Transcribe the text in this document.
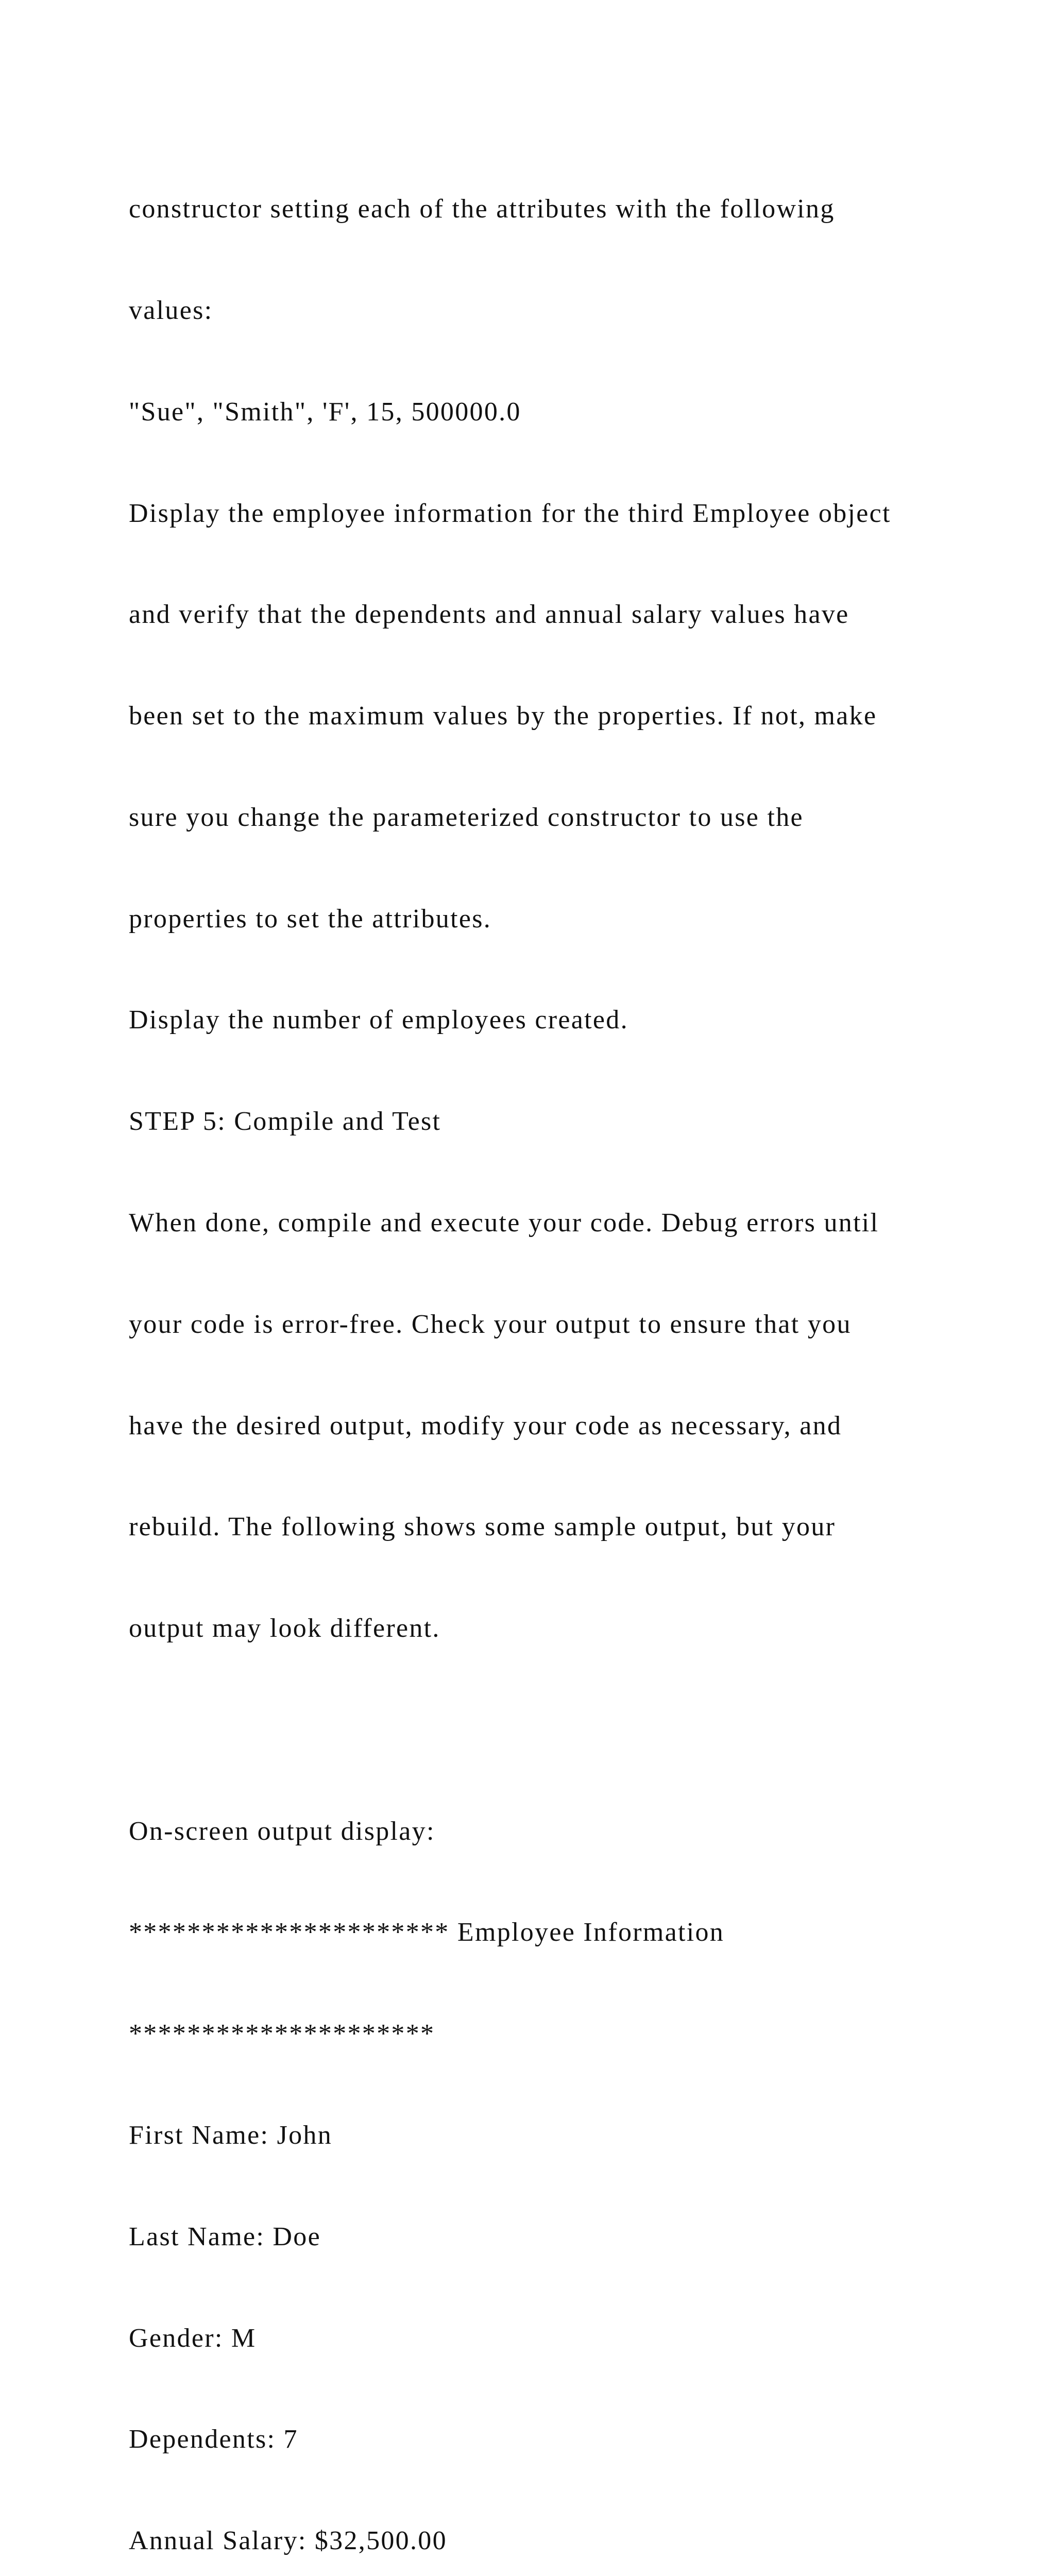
constructor setting each of the attributes with the following

values:

"Sue", "Smith", 'F', 15, 500000.0

Display the employee information for the third Employee object

and verify that the dependents and annual salary values have

been set to the maximum values by the properties. If not, make

sure you change the parameterized constructor to use the

properties to set the attributes.

Display the number of employees created.

STEP 5: Compile and Test

When done, compile and execute your code. Debug errors until

your code is error-free. Check your output to ensure that you

have the desired output, modify your code as necessary, and

rebuild. The following shows some sample output, but your

output may look different.

On-screen output display:

********************** Employee Information

*********************

First Name: John

Last Name: Doe

Gender: M

Dependents: 7

Annual Salary: $32,500.00
